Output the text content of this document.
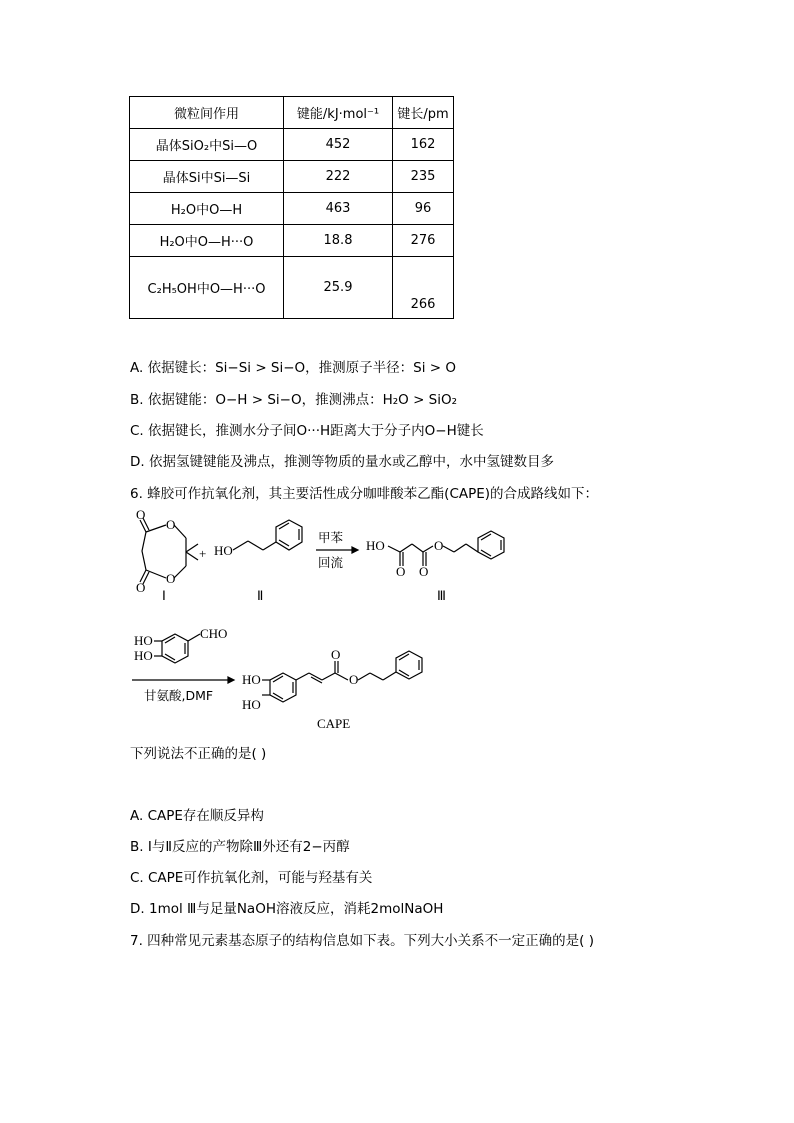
微粒间作用	键能/kJ·mol⁻¹	键长/pm
晶体SiO₂中Si—O	452	162
晶体Si中Si—Si	222	235
H₂O中O—H	463	96
H₂O中O—H···O	18.8	276
C₂H₅OH中O—H···O	25.9	266
A. 依据键长：Si−Si > Si−O，推测原子半径：Si > O
B. 依据键能：O−H > Si−O，推测沸点：H₂O > SiO₂
C. 依据键长，推测水分子间O···H距离大于分子内O−H键长
D. 依据氢键键能及沸点，推测等物质的量水或乙醇中，水中氢键数目多
6. 蜂胶可作抗氧化剂，其主要活性成分咖啡酸苯乙酯(CAPE)的合成路线如下：
O
O
O
O
HO	HO
O O
O
CHO
HO
HO
HO
HO
O
O
+
Ⅰ	Ⅱ	Ⅲ
CAPE
甲苯
回流
甘氨酸,DMF
下列说法不正确的是( )
A. CAPE存在顺反异构
B. Ⅰ与Ⅱ反应的产物除Ⅲ外还有2−丙醇
C. CAPE可作抗氧化剂，可能与羟基有关
D. 1mol Ⅲ与足量NaOH溶液反应，消耗2molNaOH
7. 四种常见元素基态原子的结构信息如下表。下列大小关系不一定正确的是( )
